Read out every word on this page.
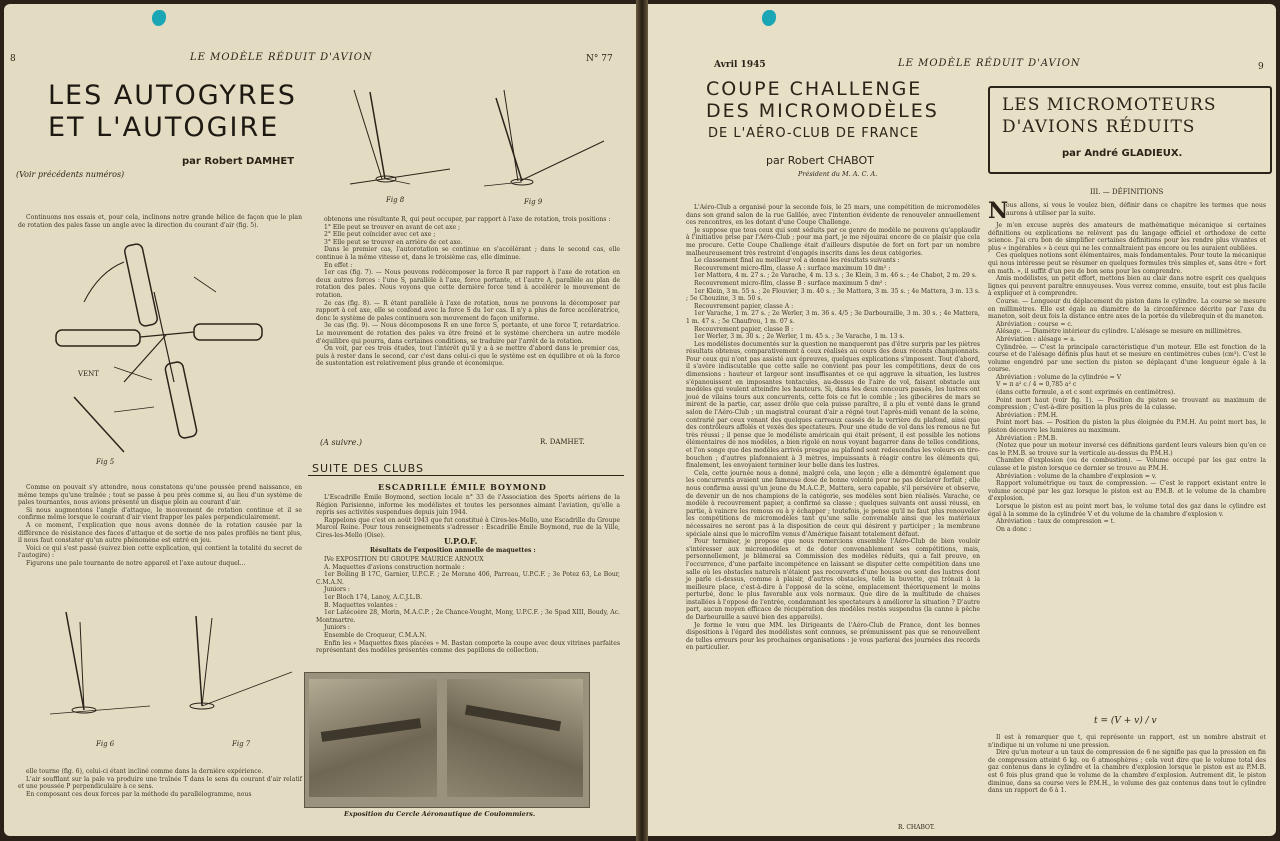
8	LE MODÈLE RÉDUIT D'AVION	N° 77
LES AUTOGYRES
ET L'AUTOGIRE
par Robert DAMHET
(Voir précédents numéros)
Fig 8	Fig 9

Continuons nos essais et, pour cela, inclinons notre grande hélice de façon que le plan de rotation des pales fasse un angle avec la direction du courant d'air (fig. 5).

VENT
Fig 5

Comme on pouvait s'y attendre, nous constatons qu'une poussée prend naissance, en même temps qu'une traînée ; tout se passe à peu près comme si, au lieu d'un système de pales tournantes, nous avions présenté un disque plein au courant d'air.

Si nous augmentons l'angle d'attaque, le mouvement de rotation continue et il se confirme même lorsque le courant d'air vient frapper les pales perpendiculairement.

A ce moment, l'explication que nous avons donnée de la rotation causée par la différence de résistance des faces d'attaque et de sortie de nos pales profilés ne tient plus, il nous faut constater qu'un autre phénomène est entré en jeu.

Voici ce qui s'est passé (suivez bien cette explication, qui contient la totalité du secret de l'autogire) :

Figurons une pale tournante de notre appareil et l'axe autour duquel...

Fig 6	Fig 7

elle tourne (fig. 6), celui-ci étant incliné comme dans la dernière expérience.

L'air soufflant sur la pale va produire une traînée T dans le sens du courant d'air relatif et une poussée P perpendiculaire à ce sens.

En composant ces deux forces par la méthode du parallélogramme, nous

obtenons une résultante R, qui peut occuper, par rapport à l'axe de rotation, trois positions :

1° Elle peut se trouver en avant de cet axe ;

2° Elle peut coïncider avec cet axe ;

3° Elle peut se trouver en arrière de cet axe.

Dans le premier cas, l'autorotation se continue en s'accélérant ; dans le second cas, elle continue à la même vitesse et, dans le troisième cas, elle diminue.

En effet :

1er cas (fig. 7). — Nous pouvons redécomposer la force R par rapport à l'axe de rotation en deux autres forces : l'une S, parallèle à l'axe, force portante, et l'autre A, parallèle au plan de rotation des pales. Nous voyons que cette dernière force tend à accélérer le mouvement de rotation.

2e cas (fig. 8). — R étant parallèle à l'axe de rotation, nous ne pouvons la décomposer par rapport à cet axe, elle se confond avec la force S du 1er cas. Il n'y a plus de force accélératrice, donc le système de pales continuera son mouvement de façon uniforme.

3e cas (fig. 9). — Nous décomposons R en une force S, portante, et une force T, retardatrice. Le mouvement de rotation des pales va être freiné et le système cherchera un autre modèle d'équilibre qui pourra, dans certaines conditions, se traduire par l'arrêt de la rotation.

On voit, par ces trois études, tout l'intérêt qu'il y a à se mettre d'abord dans le premier cas, puis à rester dans le second, car c'est dans celui-ci que le système est en équilibre et où la force de sustentation est relativement plus grande et économique.

(A suivre.)	R. DAMHET.
SUITE DES CLUBS
ESCADRILLE ÉMILE BOYMOND

L'Escadrille Émile Boymond, section locale n° 33 de l'Association des Sports aériens de la Région Parisienne, informe les modélistes et toutes les personnes aimant l'aviation, qu'elle a repris ses activités suspendues depuis juin 1944.

Rappelons que c'est en août 1943 que fut constitué à Cires-les-Mello, une Escadrille du Groupe Marcel Reine. Pour tous renseignements s'adresser : Escadrille Émile Boymond, rue de la Ville, Cires-les-Mello (Oise).

U.P.O.F.
Résultats de l'exposition annuelle de maquettes :

IVe EXPOSITION DU GROUPE MAURICE ARNOUX

A. Maquettes d'avions construction normale :

1er Boiling B 17C, Garnier, U.P.C.F. ; 2e Morane 406, Parreau, U.P.C.F. ; 3e Potez 63, Le Bour, C.M.A.N.

Juniors :

1er Bloch 174, Lanoy, A.C.J.L.B.

B. Maquettes volantes :

1er Latécoère 28, Morin, M.A.C.P. ; 2e Chance-Vought, Mony, U.P.C.F. ; 3e Spad XIII, Boudy, Ac. Montmartre.

Juniors :

Ensemble de Croqueur, C.M.A.N.

Enfin les « Maquettes fixes placées » M. Bastan comporte la coupe avec deux vitrines parfaites représentant des modèles présentés comme des papillons de collection.

Exposition du Cercle Aéronautique de Coulommiers.
Avril 1945	LE MODÈLE RÉDUIT D'AVION	9
COUPE CHALLENGE
DES MICROMODÈLES
DE L'AÉRO-CLUB DE FRANCE
par Robert CHABOT
Président du M. A. C. A.

L'Aéro-Club a organisé pour la seconde fois, le 25 mars, une compétition de micromodèles dans son grand salon de la rue Galilée, avec l'intention évidente de renouveler annuellement ces rencontres, en les dotant d'une Coupe Challenge.

Je suppose que tous ceux qui sont séduits par ce genre de modèle ne pouvons qu'applaudir à l'initiative prise par l'Aéro-Club ; pour ma part, je me réjouirai encore de ce plaisir que cela me procure. Cette Coupe Challenge était d'ailleurs disputée de fort en fort par un nombre malheureusement très restreint d'engagés inscrits dans les deux catégories.

Le classement final au meilleur vol a donné les résultats suivants :

Recouvrement micro-film, classe A : surface maximum 10 dm² :

1er Mattera, 4 m. 27 s. ; 2e Varache, 4 m. 13 s. ; 3e Klein, 3 m. 46 s. ; 4e Chabot, 2 m. 29 s.

Recouvrement micro-film, classe B : surface maximum 5 dm² :

1er Klein, 3 m. 55 s. ; 2e Flouvier, 3 m. 40 s. ; 3e Mattera, 3 m. 35 s. ; 4e Mattera, 3 m. 13 s. ; 5e Chouzine, 3 m. 50 s.

Recouvrement papier, classe A :

1er Varache, 1 m. 27 s. ; 2e Werler, 3 m. 36 s. 4/5 ; 3e Darbouraille, 3 m. 30 s. ; 4e Mattera, 1 m. 47 s. ; 5e Chaufrou, 1 m. 07 s.

Recouvrement papier, classe B :

1er Werler, 3 m. 30 s. ; 2e Werler, 1 m. 45 s. ; 3e Varache, 1 m. 13 s.

Les modélistes documentés sur la question ne manqueront pas d'être surpris par les piètres résultats obtenus, comparativement à ceux réalisés au cours des deux récents championnats. Pour ceux qui n'ont pas assisté aux épreuves, quelques explications s'imposent. Tout d'abord, il s'avère indiscutable que cette salle ne convient pas pour les compétitions, deux de ces dimensions : hauteur et largeur sont insuffisantes et ce qui aggrave la situation, les lustres s'épanouissent en imposantes tentacules, au-dessus de l'aire de vol, faisant obstacle aux modèles qui veulent atteindre les hauteurs. Si, dans les deux concours passés, les lustres ont joué de vilains tours aux concurrents, cette fois ce fut le comble ; les gibecières de mars se mirent de la partie, car, assez drôle que cela puisse paraître, il a plu et venté dans le grand salon de l'Aéro-Club ; un magistral courant d'air a régné tout l'après-midi venant de la scène, contrarié par ceux venant des quelques carreaux cassés de la verrière du plafond, ainsi que des contrôleurs affolés et vexés des spectateurs. Pour une étude de vol dans les remous ne fut très réussi ; il pense que le modéliste américain qui était présent, il est possible les notions élémentaires de nos modèles, a bien rigolé en nous voyant bagarrer dans de telles conditions, et l'on songe que des modèles arrivés presque au plafond sont redescendus les voleurs en tire-bouchon ; d'autres plafonnaient à 3 mètres, impuissants à réagir contre les éléments qui, finalement, les envoyaient terminer leur belle dans les lustres.

Cela, cette journée nous a donné, malgré cela, une leçon ; elle a démontré également que les concurrents avaient une fameuse dose de bonne volonté pour ne pas déclarer forfait ; elle nous confirma aussi qu'un jeune du M.A.C.P., Mattera, sera capable, s'il persévère et observe, de devenir un de nos champions de la catégorie, ses modèles sont bien réalisés. Varache, ce modèle à recouvrement papier, a confirmé sa classe ; quelques suivants ont aussi réussi, en partie, à vaincre les remous ou à y échapper ; toutefois, je pense qu'il ne faut plus renouveler les compétitions de micromodèles tant qu'une salle convenable ainsi que les matériaux nécessaires ne seront pas à la disposition de ceux qui désirent y participer ; la membrane spéciale ainsi que le microfilm venus d'Amérique faisant totalement défaut.

Pour terminer, je propose que nous remercions ensemble l'Aéro-Club de bien vouloir s'intéresser aux micromodèles et de doter convenablement ses compétitions, mais, personnellement, je blâmerai sa Commission des modèles réduits, qui a fait preuve, en l'occurrence, d'une parfaite incompétence en laissant se disputer cette compétition dans une salle où les obstacles naturels n'étaient pas recouverts d'une housse ou sont des lustres dont je parle ci-dessus, comme à plaisir, d'autres obstacles, telle la buvette, qui trônait à la meilleure place, c'est-à-dire à l'opposé de la scène, emplacement théoriquement le moins perturbé, donc le plus favorable aux vols normaux. Que dire de la multitude de chaises installées à l'opposé de l'entrée, condamnant les spectateurs à améliorer la situation ? D'autre part, aucun moyen efficace de récupération des modèles restés suspendus (la canne à pêche de Darbouraille a sauvé bien des appareils).

Je forme le vœu que MM. les Dirigeants de l'Aéro-Club de France, dont les bonnes dispositions à l'égard des modélistes sont connues, se prémunissent pas que se renouvellent de telles erreurs pour les prochaines organisations : je vous parlerai des journées des records en particulier.

R. CHABOT.
LES MICROMOTEURS
D'AVIONS RÉDUITS
par André GLADIEUX.
III. — DÉFINITIONS
N

ous allons, si vous le voulez bien, définir dans ce chapitre les termes que nous aurons à utiliser par la suite.

Je m'en excuse auprès des amateurs de mathématique mécanique si certaines définitions ou explications ne relèvent pas du langage officiel et orthodoxe de cette science. J'ai cru bon de simplifier certaines définitions pour les rendre plus vivantes et plus « ingérables » à ceux qui ne les connaîtraient pas encore ou les auraient oubliées.

Ces quelques notions sont élémentaires, mais fondamentales. Pour toute la mécanique qui nous intéresse peut se résumer en quelques formules très simples et, sans être « fort en math. », il suffit d'un peu de bon sens pour les comprendre.

Amis modélistes, un petit effort, mettons bien au clair dans notre esprit ces quelques lignes qui peuvent paraître ennuyeuses. Vous verrez comme, ensuite, tout est plus facile à expliquer et à comprendre.

Course. — Longueur du déplacement du piston dans le cylindre. La course se mesure en millimètres. Elle est égale au diamètre de la circonférence décrite par l'axe du maneton, soit deux fois la distance entre axes de la portée du vilebrequin et du maneton.

Abréviation : course = c.

Alésage. — Diamètre intérieur du cylindre. L'alésage se mesure en millimètres.

Abréviation : alésage = a.

Cylindrée. — C'est la principale caractéristique d'un moteur. Elle est fonction de la course et de l'alésage définis plus haut et se mesure en centimètres cubes (cm³). C'est le volume engendré par une section du piston se déplaçant d'une longueur égale à la course.

Abréviation : volume de la cylindrée = V

V = π a² c / 4 = 0,785 a² c

(dans cette formule, a et c sont exprimés en centimètres).

Point mort haut (voir fig. 1). — Position du piston se trouvant au maximum de compression ; C'est-à-dire position la plus près de la culasse.

Abréviation : P.M.H.

Point mort bas. — Position du piston la plus éloignée du P.M.H. Au point mort bas, le piston découvre les lumières au maximum.

Abréviation : P.M.B.

(Notez que pour un moteur inversé ces définitions gardent leurs valeurs bien qu'en ce cas le P.M.B. se trouve sur la verticale au-dessus du P.M.H.)

Chambre d'explosion (ou de combustion). — Volume occupé par les gaz entre la culasse et le piston lorsque ce dernier se trouve au P.M.H.

Abréviation : volume de la chambre d'explosion = v.

Rapport volumétrique ou taux de compression. — C'est le rapport existant entre le volume occupé par les gaz lorsque le piston est au P.M.B. et le volume de la chambre d'explosion.

Lorsque le piston est au point mort bas, le volume total des gaz dans le cylindre est égal à la somme de la cylindrée V et du volume de la chambre d'explosion v.

Abréviation : taux de compression = t.

On a donc :

t = (V + v) / v

Il est à remarquer que t, qui représente un rapport, est un nombre abstrait et n'indique ni un volume ni une pression.

Dire qu'un moteur a un taux de compression de 6 ne signifie pas que la pression en fin de compression atteint 6 kg. ou 6 atmosphères ; cela veut dire que le volume total des gaz contenus dans le cylindre et la chambre d'explosion lorsque le piston est au P.M.B. est 6 fois plus grand que le volume de la chambre d'explosion. Autrement dit, le piston diminue, dans sa course vers le P.M.H., le volume des gaz contenus dans tout le cylindre dans un rapport de 6 à 1.
